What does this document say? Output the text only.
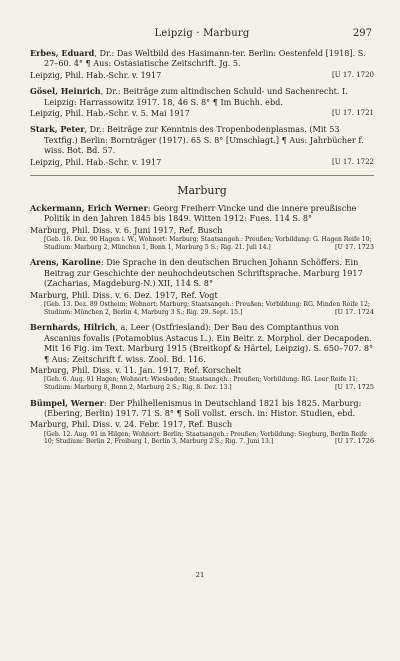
Leipzig · Marburg	297
Erbes, Eduard, Dr.: Das Weltbild des Hasimann-ter. Berlin: Oestenfeld [1918]. S. 27–60. 4° ¶ Aus: Ostasiatische Zeitschrift. Jg. 5.
Leipzig, Phil. Hab.-Schr. v. 1917	[U 17. 1720
Gösel, Heinrich, Dr.: Beiträge zum altindischen Schuld- und Sachenrecht. I. Leipzig: Harrassowitz 1917. 18, 46 S. 8° ¶ Im Buchh. ebd.
Leipzig, Phil. Hab.-Schr. v. 5. Mai 1917	[U 17. 1721
Stark, Peter, Dr.: Beiträge zur Kenntnis des Tropenbodenplasmas. (Mit 53 Textfig.) Berlin: Bornträger (1917). 65 S. 8° [Umschlagt.] ¶ Aus: Jahrbücher f. wiss. Bot. Bd. 57.
Leipzig, Phil. Hab.-Schr. v. 1917	[U 17. 1722
Marburg
Ackermann, Erich Werner: Georg Freiherr Vincke und die innere preußische Politik in den Jahren 1845 bis 1849. Witten 1912: Fues. 114 S. 8°
Marburg, Phil. Diss. v. 6. Juni 1917, Ref. Busch
[Geb. 16. Dez. 90 Hagen i. W.; Wohnort: Marburg; Staatsangeh.: Preußen; Vorbildung: G. Hagen Reife 10; Studium: Marburg 2, München 1, Bonn 1, Marburg 5 S.; Rig. 21. Juli 14.]	[U 17. 1723
Arens, Karoline: Die Sprache in den deutschen Bruchen Johann Schöffers. Ein Beitrag zur Geschichte der neuhochdeutschen Schriftsprache. Marburg 1917 (Zacharias, Magdeburg-N.) XII, 114 S. 8°
Marburg, Phil. Diss. v. 6. Dez. 1917, Ref. Vogt
[Geb. 13. Dez. 89 Ostheim; Wohnort: Marburg; Staatsangeh.: Preußen; Vorbildung: RG. Minden Reife 12; Studium: München 2, Berlin 4, Marburg 3 S.; Rig. 29. Sept. 15.]	[U 17. 1724
Bernhards, Hilrich, a. Leer (Ostfriesland): Der Bau des Comptanthus von Ascanius fovalis (Potamobius Astacus L.). Ein Beitr. z. Morphol. der Decapoden. Mit 16 Fig. im Text. Marburg 1915 (Breitkopf & Härtel, Leipzig). S. 650–707. 8° ¶ Aus: Zeitschrift f. wiss. Zool. Bd. 116.
Marburg, Phil. Diss. v. 11. Jan. 1917, Ref. Korschelt
[Geb. 6. Aug. 91 Hagen; Wohnort: Wiesbaden; Staatsangeh.: Preußen; Vorbildung: RG. Leer Reife 11; Studium: Marburg 8, Bonn 2, Marburg 2 S.; Rig. 8. Dez. 13.]	[U 17. 1725
Bümpel, Werner: Der Philhellenismus in Deutschland 1821 bis 1825. Marburg: (Ebering, Berlin) 1917. 71 S. 8° ¶ Soll vollst. ersch. in: Histor. Studien, ebd.
Marburg, Phil. Diss. v. 24. Febr. 1917, Ref. Busch
[Geb. 12. Aug. 91 in Hilgen; Wohnort: Berlin; Staatsangeh.: Preußen; Vorbildung: Siegburg, Berlin Reife 10; Studium: Berlin 2, Freiburg 1, Berlin 3, Marburg 2 S.; Rig. 7. Juni 13.]	[U 17. 1726
21
